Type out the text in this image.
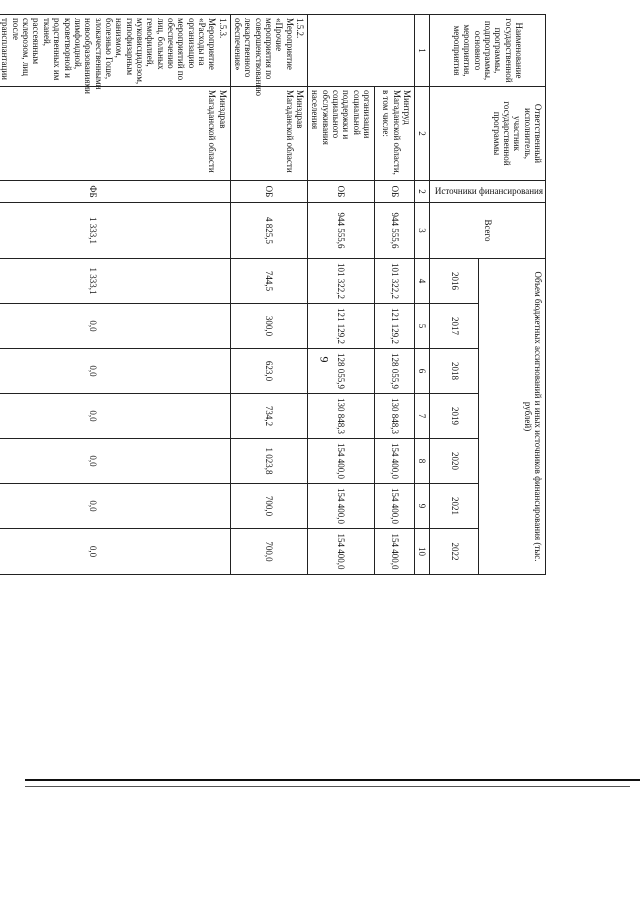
9
Наименование государственной программы, подпрограммы, основного мероприятия, мероприятия	Ответственный исполнитель, участник государственной программы	Источники финансирования	Всего	Объем бюджетных ассигнований и иных источников финансирования (тыс. рублей)						
				2016	2017	2018	2019	2020	2021	2022
1	2	2	3	4	5	6	7	8	9	10
	Минтруд Магаданской области, в том числе:	ОБ	944 555,6	101 322,2	121 129,2	128 055,9	130 848,3	154 400,0	154 400,0	154 400,0
	организации социальной поддержки и социального обслуживания населения	ОБ	944 555,6	101 322,2	121 129,2	128 055,9	130 848,3	154 400,0	154 400,0	154 400,0
1.5.2. Мероприятие «Прочие мероприятия по совершенствованию лекарственного обеспечения»	Минздрав Магаданской области	ОБ	4 825,5	744,5	300,0	623,0	734,2	1 023,8	700,0	700,0
1.5.3. Мероприятие «Расходы на организацию мероприятий по обеспечению лиц, больных гемофилией, муковисцидозом, гипофизарным нанизмом, болезнью Гоше, злокачественными новообразованиями лимфоидной, кроветворной и родственных им тканей, рассеянным склерозом, лиц после трансплантации	Минздрав Магаданской области	ФБ	1 333,1	1 333,1	0,0	0,0	0,0	0,0	0,0	0,0
